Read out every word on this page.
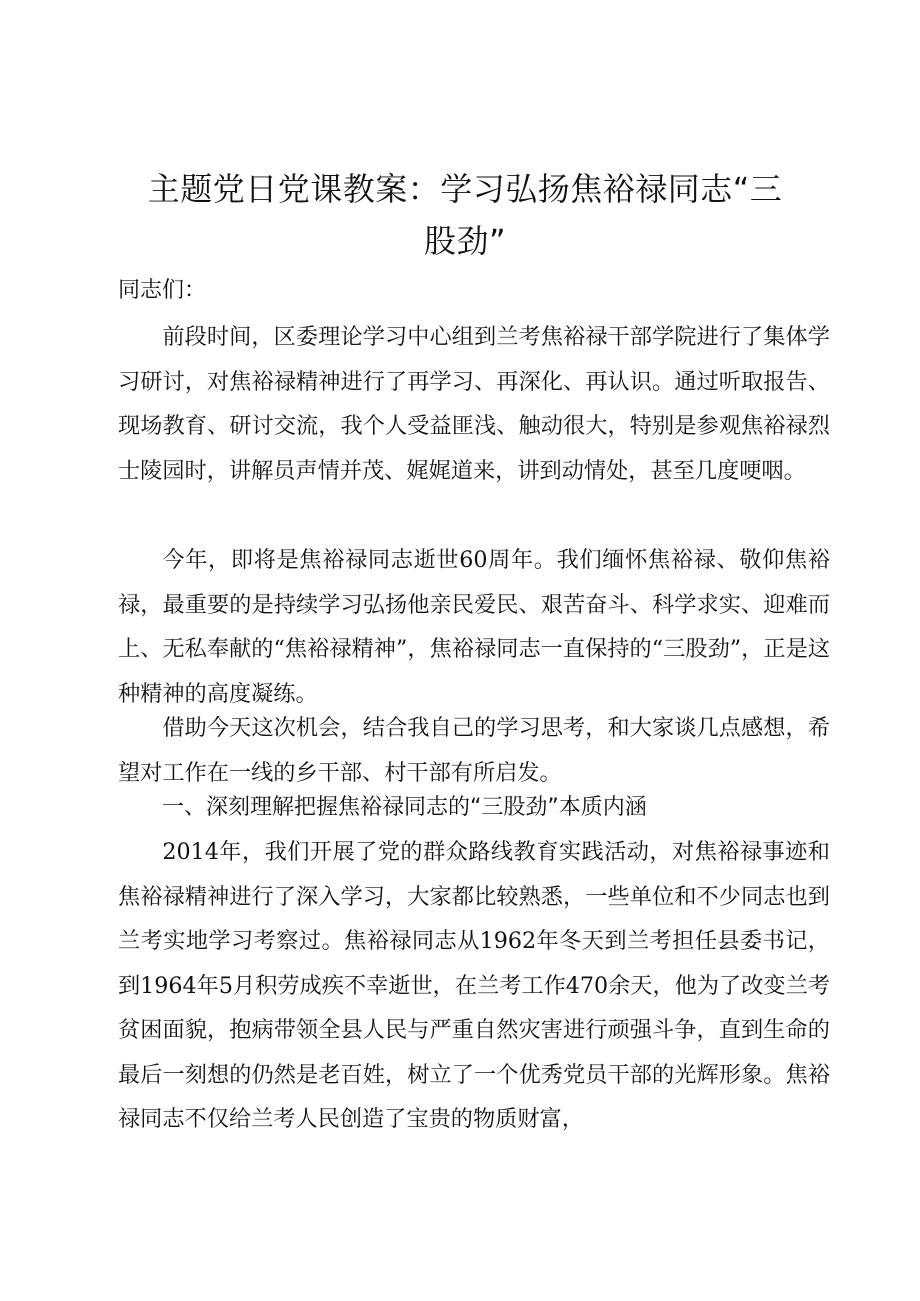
主题党日党课教案：学习弘扬焦裕禄同志“三
股劲”
同志们：

前段时间，区委理论学习中心组到兰考焦裕禄干部学院进行了集体学习研讨，对焦裕禄精神进行了再学习、再深化、再认识。通过听取报告、现场教育、研讨交流，我个人受益匪浅、触动很大，特别是参观焦裕禄烈士陵园时，讲解员声情并茂、娓娓道来，讲到动情处，甚至几度哽咽。

今年，即将是焦裕禄同志逝世60周年。我们缅怀焦裕禄、敬仰焦裕禄，最重要的是持续学习弘扬他亲民爱民、艰苦奋斗、科学求实、迎难而上、无私奉献的“焦裕禄精神”，焦裕禄同志一直保持的“三股劲”，正是这种精神的高度凝练。

借助今天这次机会，结合我自己的学习思考，和大家谈几点感想，希望对工作在一线的乡干部、村干部有所启发。

一、深刻理解把握焦裕禄同志的“三股劲”本质内涵

2014年，我们开展了党的群众路线教育实践活动，对焦裕禄事迹和焦裕禄精神进行了深入学习，大家都比较熟悉，一些单位和不少同志也到兰考实地学习考察过。焦裕禄同志从1962年冬天到兰考担任县委书记，到1964年5月积劳成疾不幸逝世，在兰考工作470余天，他为了改变兰考贫困面貌，抱病带领全县人民与严重自然灾害进行顽强斗争，直到生命的最后一刻想的仍然是老百姓，树立了一个优秀党员干部的光辉形象。焦裕禄同志不仅给兰考人民创造了宝贵的物质财富，
